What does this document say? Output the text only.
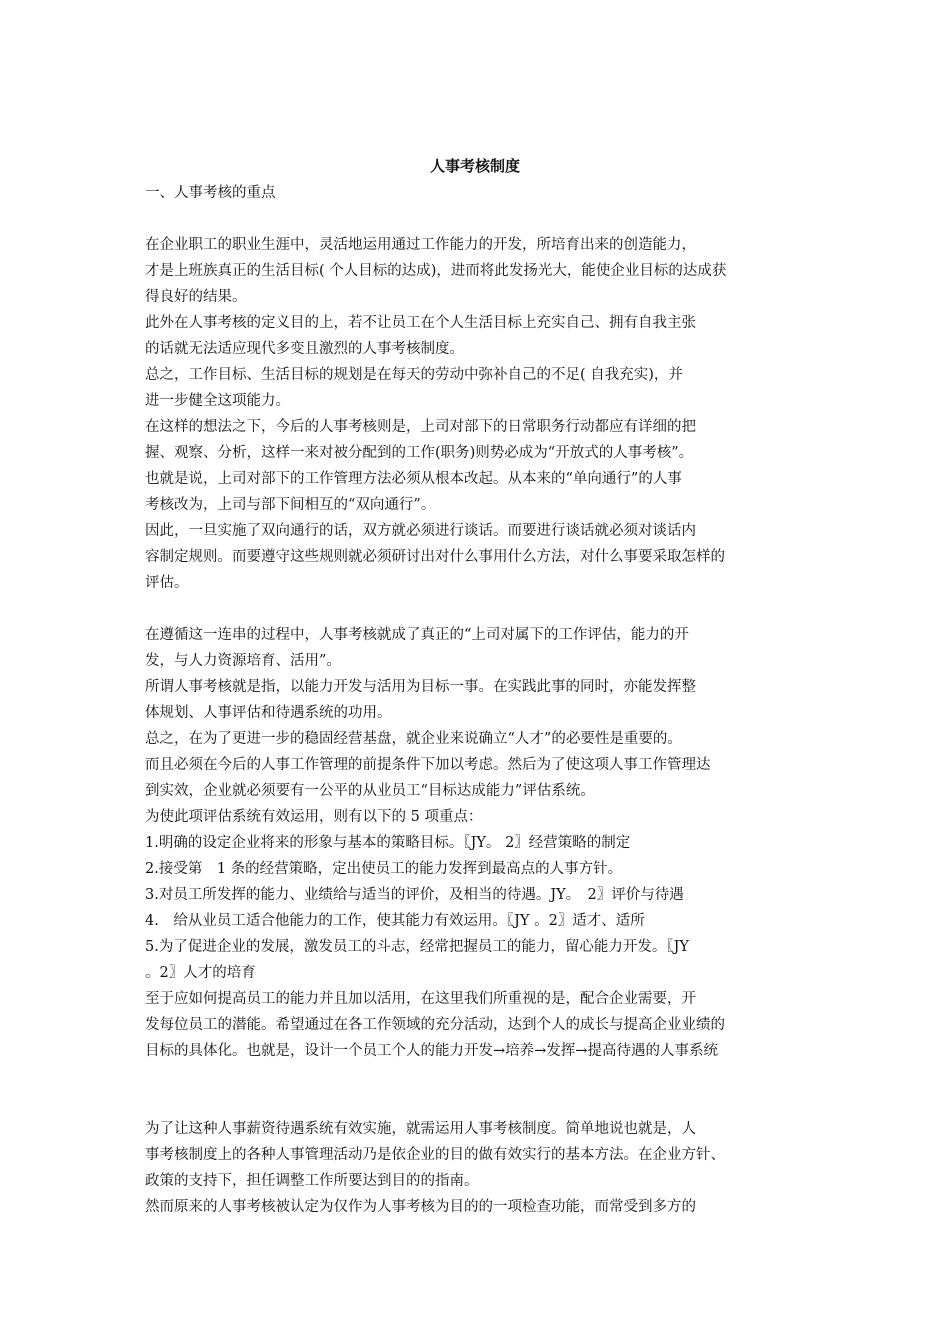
人事考核制度
一、人事考核的重点
在企业职工的职业生涯中，灵活地运用通过工作能力的开发，所培育出来的创造能力，
才是上班族真正的生活目标( 个人目标的达成)，进而将此发扬光大，能使企业目标的达成获
得良好的结果。
此外在人事考核的定义目的上，若不让员工在个人生活目标上充实自己、拥有自我主张
的话就无法适应现代多变且激烈的人事考核制度。
总之，工作目标、生活目标的规划是在每天的劳动中弥补自己的不足( 自我充实)，并
进一步健全这项能力。
在这样的想法之下，今后的人事考核则是，上司对部下的日常职务行动都应有详细的把
握、观察、分析，这样一来对被分配到的工作(职务)则势必成为“开放式的人事考核”。
也就是说，上司对部下的工作管理方法必须从根本改起。从本来的“单向通行”的人事
考核改为，上司与部下间相互的“双向通行”。
因此，一旦实施了双向通行的话，双方就必须进行谈话。而要进行谈话就必须对谈话内
容制定规则。而要遵守这些规则就必须研讨出对什么事用什么方法，对什么事要采取怎样的
评估。
在遵循这一连串的过程中，人事考核就成了真正的“上司对属下的工作评估，能力的开
发，与人力资源培育、活用”。
所谓人事考核就是指，以能力开发与活用为目标一事。在实践此事的同时，亦能发挥整
体规划、人事评估和待遇系统的功用。
总之，在为了更进一步的稳固经营基盘，就企业来说确立“人才”的必要性是重要的。
而且必须在今后的人事工作管理的前提条件下加以考虑。然后为了使这项人事工作管理达
到实效，企业就必须要有一公平的从业员工“目标达成能力”评估系统。
为使此项评估系统有效运用，则有以下的 5 项重点：
1.明确的设定企业将来的形象与基本的策略目标。〖JY。 2〗经营策略的制定
2.接受第　1 条的经营策略，定出使员工的能力发挥到最高点的人事方针。
3.对员工所发挥的能力、业绩给与适当的评价，及相当的待遇。JY。　2〗评价与待遇
4.　给从业员工适合他能力的工作，使其能力有效运用。〖JY 。2〗适才、适所
5.为了促进企业的发展，激发员工的斗志，经常把握员工的能力，留心能力开发。〖JY
。2〗人才的培育
至于应如何提高员工的能力并且加以活用，在这里我们所重视的是，配合企业需要，开
发每位员工的潜能。希望通过在各工作领域的充分活动，达到个人的成长与提高企业业绩的
目标的具体化。也就是，设计一个员工个人的能力开发→培养→发挥→提高待遇的人事系统
为了让这种人事薪资待遇系统有效实施，就需运用人事考核制度。简单地说也就是，人
事考核制度上的各种人事管理活动乃是依企业的目的做有效实行的基本方法。在企业方针、
政策的支持下，担任调整工作所要达到目的的指南。
然而原来的人事考核被认定为仅作为人事考核为目的的一项检查功能，而常受到多方的
